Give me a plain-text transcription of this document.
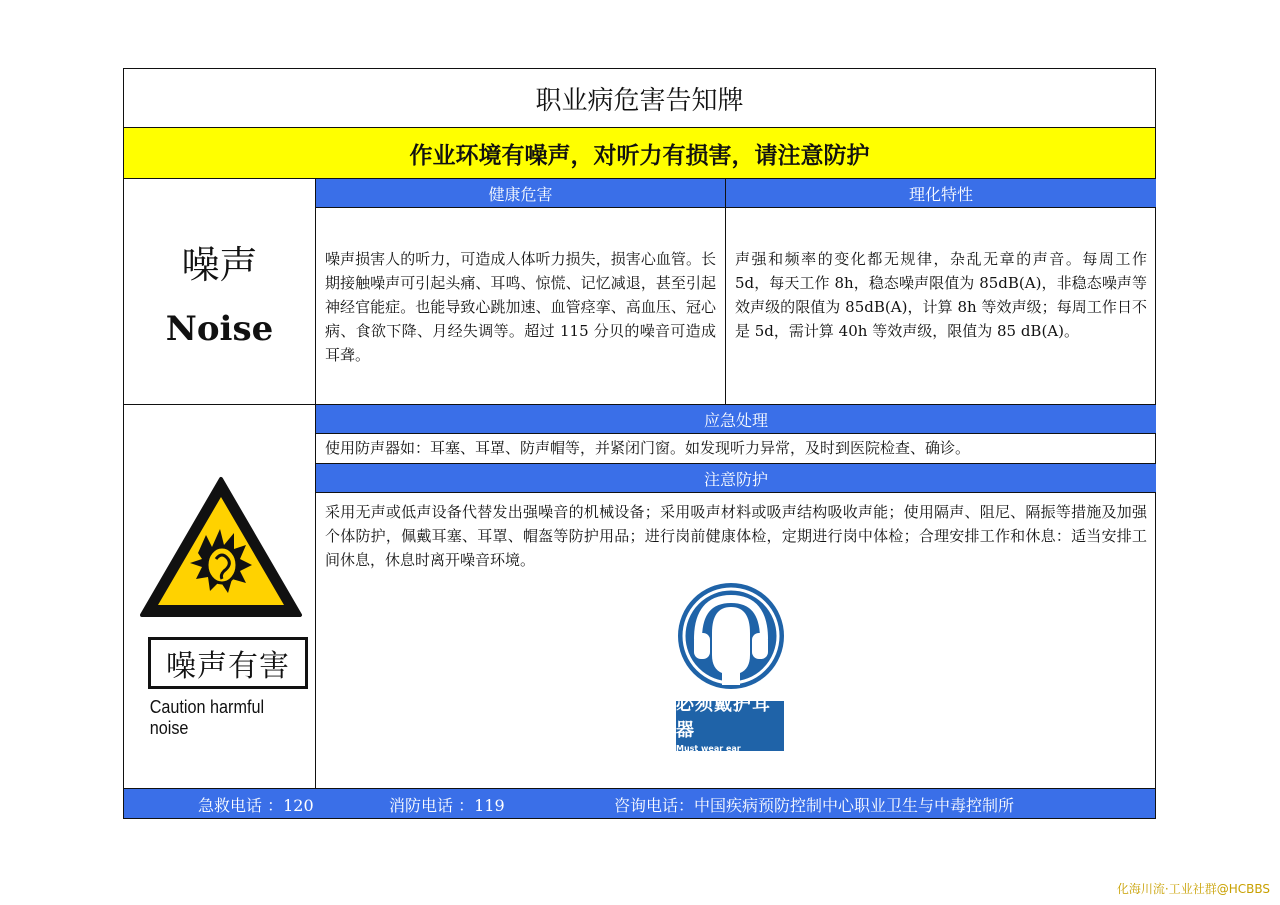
职业病危害告知牌
作业环境有噪声，对听力有损害，请注意防护
噪声
Noise
健康危害
噪声损害人的听力，可造成人体听力损失，损害心血管。长期接触噪声可引起头痛、耳鸣、惊慌、记忆减退，甚至引起神经官能症。也能导致心跳加速、血管痉挛、高血压、冠心病、食欲下降、月经失调等。超过 115 分贝的噪音可造成耳聋。
理化特性
声强和频率的变化都无规律，杂乱无章的声音。每周工作 5d，每天工作 8h，稳态噪声限值为 85dB(A)，非稳态噪声等效声级的限值为 85dB(A)，计算 8h 等效声级；每周工作日不是 5d，需计算 40h 等效声级，限值为 85 dB(A)。
噪声有害
Caution harmful noise
应急处理
使用防声器如：耳塞、耳罩、防声帽等，并紧闭门窗。如发现听力异常，及时到医院检查、确诊。
注意防护
采用无声或低声设备代替发出强噪音的机械设备；采用吸声材料或吸声结构吸收声能；使用隔声、阻尼、隔振等措施及加强个体防护，佩戴耳塞、耳罩、帽盔等防护用品；进行岗前健康体检，定期进行岗中体检；合理安排工作和休息：适当安排工间休息，休息时离开噪音环境。
必须戴护耳器
Must wear ear protector
急救电话 ：120	消防电话 ：119	咨询电话：中国疾病预防控制中心职业卫生与中毒控制所
化海川流·工业社群@HCBBS
